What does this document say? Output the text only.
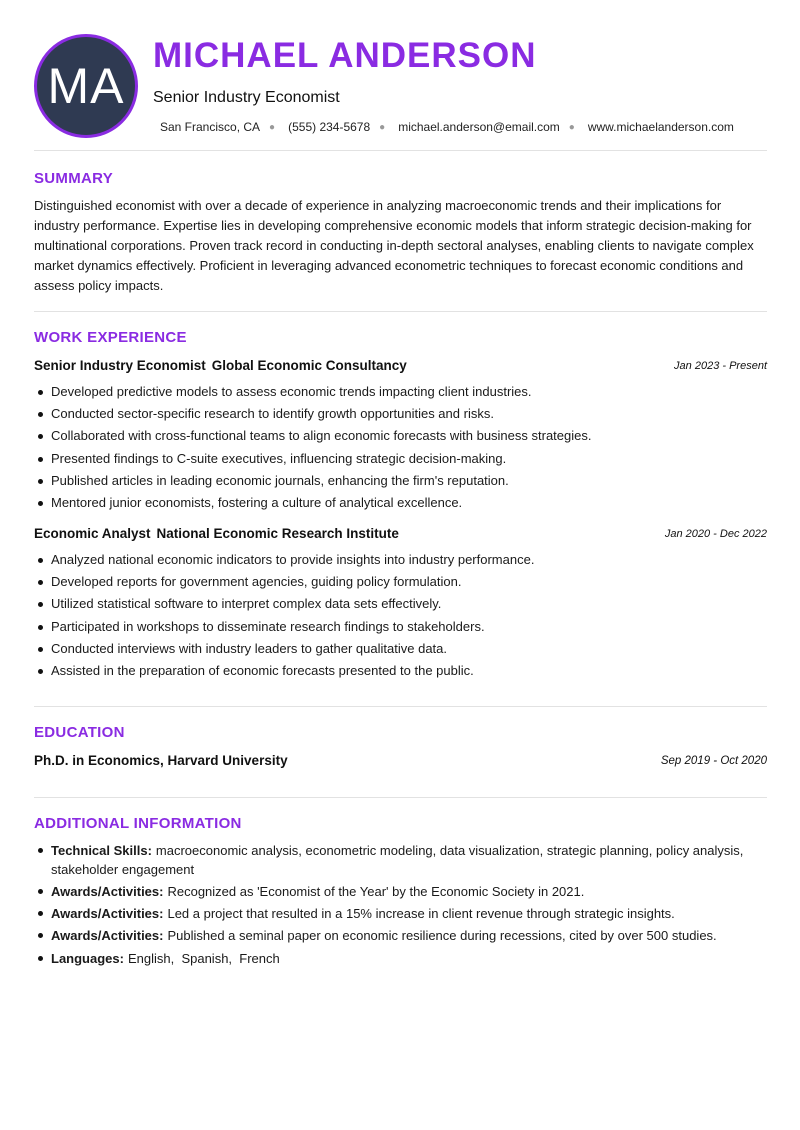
MA
MICHAEL ANDERSON
Senior Industry Economist
San Francisco, CA ● (555) 234-5678 ● michael.anderson@email.com ● www.michaelanderson.com
SUMMARY

Distinguished economist with over a decade of experience in analyzing macroeconomic trends and their implications for industry performance. Expertise lies in developing comprehensive economic models that inform strategic decision-making for multinational corporations. Proven track record in conducting in-depth sectoral analyses, enabling clients to navigate complex market dynamics effectively. Proficient in leveraging advanced econometric techniques to forecast economic conditions and assess policy impacts.

WORK EXPERIENCE
Senior Industry Economist Global Economic Consultancy	Jan 2023 - Present
Developed predictive models to assess economic trends impacting client industries.
Conducted sector-specific research to identify growth opportunities and risks.
Collaborated with cross-functional teams to align economic forecasts with business strategies.
Presented findings to C-suite executives, influencing strategic decision-making.
Published articles in leading economic journals, enhancing the firm's reputation.
Mentored junior economists, fostering a culture of analytical excellence.
Economic Analyst National Economic Research Institute	Jan 2020 - Dec 2022
Analyzed national economic indicators to provide insights into industry performance.
Developed reports for government agencies, guiding policy formulation.
Utilized statistical software to interpret complex data sets effectively.
Participated in workshops to disseminate research findings to stakeholders.
Conducted interviews with industry leaders to gather qualitative data.
Assisted in the preparation of economic forecasts presented to the public.
EDUCATION
Ph.D. in Economics, Harvard University	Sep 2019 - Oct 2020
ADDITIONAL INFORMATION
Technical Skills: macroeconomic analysis, econometric modeling, data visualization, strategic planning, policy analysis, stakeholder engagement
Awards/Activities: Recognized as 'Economist of the Year' by the Economic Society in 2021.
Awards/Activities: Led a project that resulted in a 15% increase in client revenue through strategic insights.
Awards/Activities: Published a seminal paper on economic resilience during recessions, cited by over 500 studies.
Languages: English,  Spanish,  French
